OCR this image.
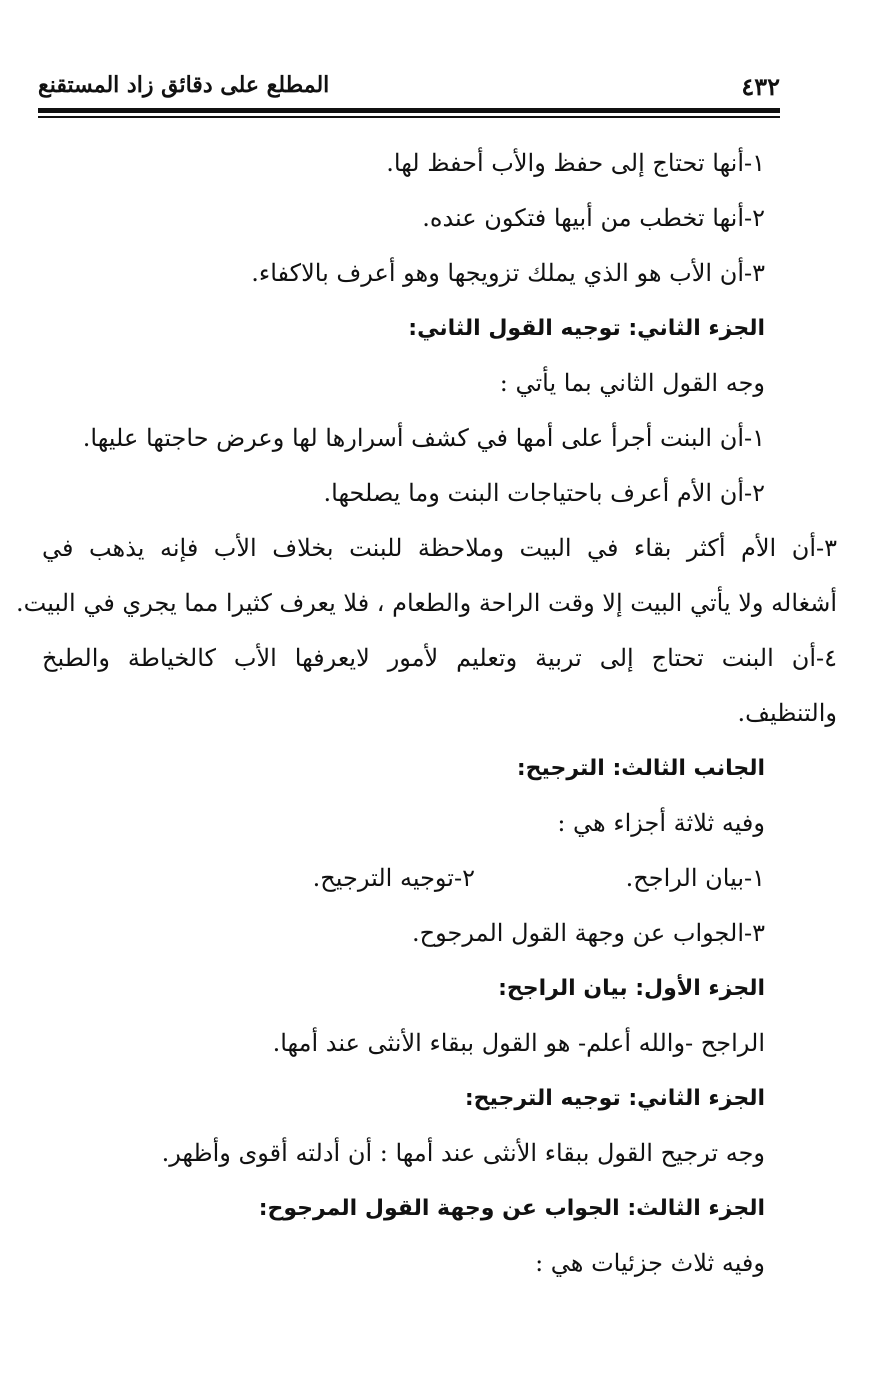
٤٣٢
المطلع على دقائق زاد المستقنع
١-أنها تحتاج إلى حفظ والأب أحفظ لها.
٢-أنها تخطب من أبيها فتكون عنده.
٣-أن الأب هو الذي يملك تزويجها وهو أعرف بالاكفاء.
الجزء الثاني: توجيه القول الثاني:
وجه القول الثاني بما يأتي :
١-أن البنت أجرأ على أمها في كشف أسرارها لها وعرض حاجتها عليها.
٢-أن الأم أعرف باحتياجات البنت وما يصلحها.
٣-أن الأم أكثر بقاء في البيت وملاحظة للبنت بخلاف الأب فإنه يذهب في
أشغاله ولا يأتي البيت إلا وقت الراحة والطعام ، فلا يعرف كثيرا مما يجري في البيت.
٤-أن البنت تحتاج إلى تربية وتعليم لأمور لايعرفها الأب كالخياطة والطبخ
والتنظيف.
الجانب الثالث: الترجيح:
وفيه ثلاثة أجزاء هي :
١-بيان الراجح.
٢-توجيه الترجيح.
٣-الجواب عن وجهة القول المرجوح.
الجزء الأول: بيان الراجح:
الراجح -والله أعلم- هو القول ببقاء الأنثى عند أمها.
الجزء الثاني: توجيه الترجيح:
وجه ترجيح القول ببقاء الأنثى عند أمها : أن أدلته أقوى وأظهر.
الجزء الثالث: الجواب عن وجهة القول المرجوح:
وفيه ثلاث جزئيات هي :
